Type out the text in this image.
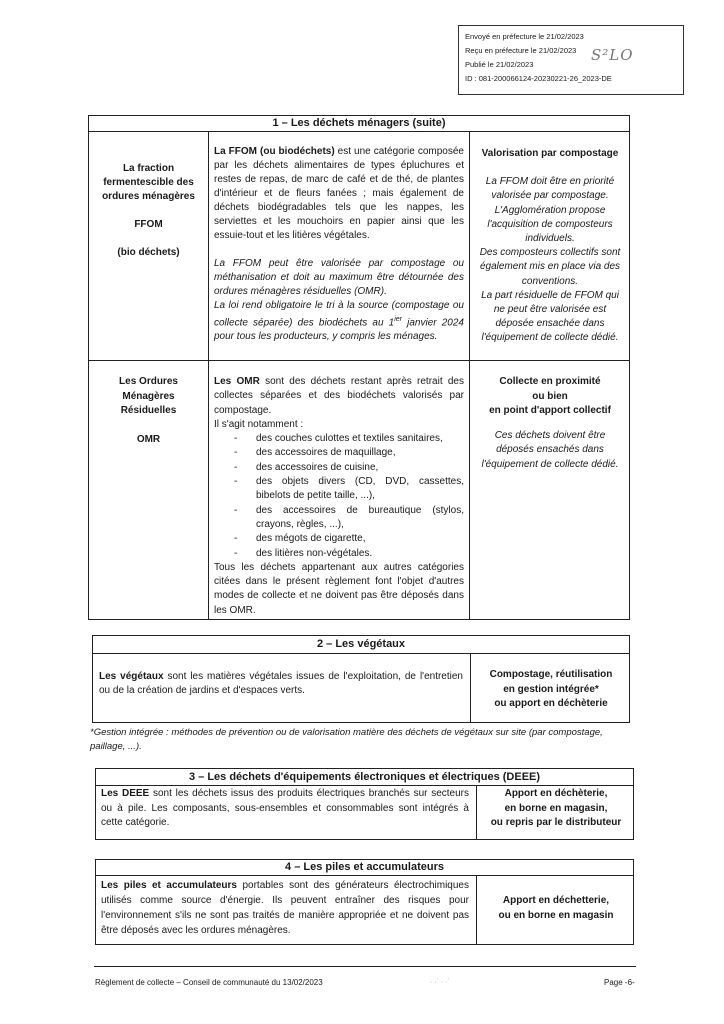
Envoyé en préfecture le 21/02/2023
Reçu en préfecture le 21/02/2023
Publié le 21/02/2023
ID : 081-200066124-20230221-26_2023-DE
S²LO
1 – Les déchets ménagers (suite)
La fraction
fermentescible des
ordures ménagères
FFOM
(bio déchets)

La FFOM (ou biodéchets) est une catégorie composée par les déchets alimentaires de types épluchures et restes de repas, de marc de café et de thé, de plantes d'intérieur et de fleurs fanées ; mais également de déchets biodégradables tels que les nappes, les serviettes et les mouchoirs en papier ainsi que les essuie-tout et les litières végétales.

La FFOM peut être valorisée par compostage ou méthanisation et doit au maximum être détournée des ordures ménagères résiduelles (OMR).

La loi rend obligatoire le tri à la source (compostage ou collecte séparée) des biodéchets au $1^{ier}$ janvier 2024 pour tous les producteurs, y compris les ménages.

Valorisation par compostage
La FFOM doit être en priorité
valorisée par compostage.
L'Agglomération propose
l'acquisition de composteurs
individuels.
Des composteurs collectifs sont
également mis en place via des
conventions.
La part résiduelle de FFOM qui
ne peut être valorisée est
déposée ensachée dans
l'équipement de collecte dédié.
Les Ordures
Ménagères
Résiduelles
OMR

Les OMR sont des déchets restant après retrait des collectes séparées et des biodéchets valorisés par compostage.

Il s'agit notamment :

- des couches culottes et textiles sanitaires,
- des accessoires de maquillage,
- des accessoires de cuisine,
- des objets divers (CD, DVD, cassettes, bibelots de petite taille, ...),
- des accessoires de bureautique (stylos, crayons, règles, ...),
- des mégots de cigarette,
- des litières non-végétales.

Tous les déchets appartenant aux autres catégories citées dans le présent règlement font l'objet d'autres modes de collecte et ne doivent pas être déposés dans les OMR.

Collecte en proximité
ou bien
en point d'apport collectif
Ces déchets doivent être
déposés ensachés dans
l'équipement de collecte dédié.
2 – Les végétaux
Les végétaux sont les matières végétales issues de l'exploitation, de l'entretien ou de la création de jardins et d'espaces verts.
Compostage, réutilisation
en gestion intégrée*
ou apport en déchèterie
*Gestion intégrée : méthodes de prévention ou de valorisation matière des déchets de végétaux sur site (par compostage, paillage, ...).
3 – Les déchets d'équipements électroniques et électriques (DEEE)
Les DEEE sont les déchets issus des produits électriques branchés sur secteurs ou à pile. Les composants, sous-ensembles et consommables sont intégrés à cette catégorie.
Apport en déchèterie,
en borne en magasin,
ou repris par le distributeur
4 – Les piles et accumulateurs
Les piles et accumulateurs portables sont des générateurs électrochimiques utilisés comme source d'énergie. Ils peuvent entraîner des risques pour l'environnement s'ils ne sont pas traités de manière appropriée et ne doivent pas être déposés avec les ordures ménagères.
Apport en déchetterie,
ou en borne en magasin
Règlement de collecte – Conseil de communauté du 13/02/2023	· ·˙ · ·˙	Page -6-
